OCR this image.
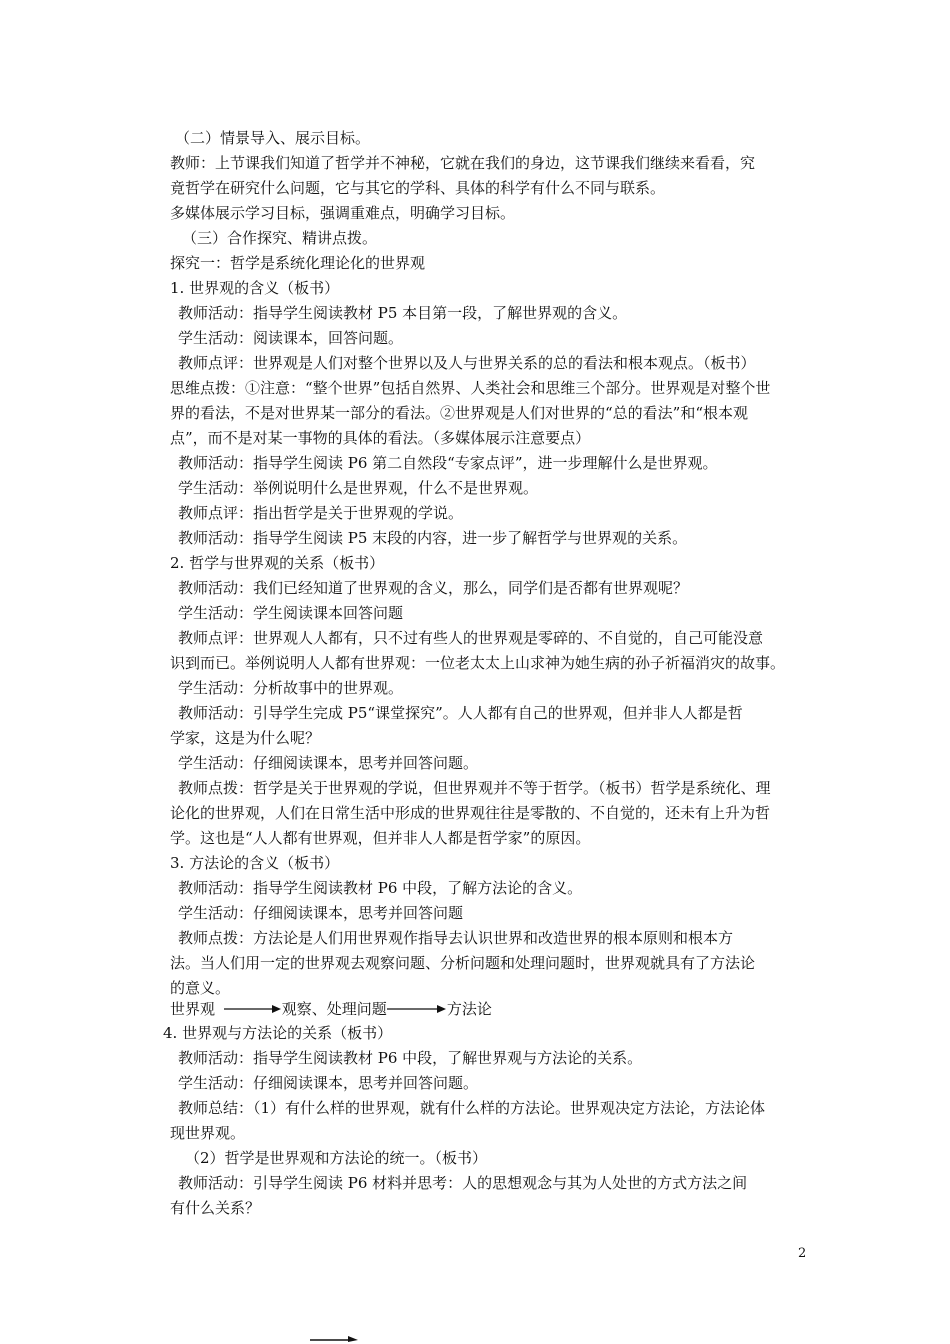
（二）情景导入、展示目标。

教师：上节课我们知道了哲学并不神秘，它就在我们的身边，这节课我们继续来看看，究

竟哲学在研究什么问题，它与其它的学科、具体的科学有什么不同与联系。

多媒体展示学习目标，强调重难点，明确学习目标。

（三）合作探究、精讲点拨。

探究一：哲学是系统化理论化的世界观

1. 世界观的含义（板书）

教师活动：指导学生阅读教材 P5 本目第一段，了解世界观的含义。

学生活动：阅读课本，回答问题。

教师点评：世界观是人们对整个世界以及人与世界关系的总的看法和根本观点。（板书）

思维点拨：①注意：“整个世界”包括自然界、人类社会和思维三个部分。世界观是对整个世

界的看法，不是对世界某一部分的看法。②世界观是人们对世界的“总的看法”和“根本观

点”，而不是对某一事物的具体的看法。（多媒体展示注意要点）

教师活动：指导学生阅读 P6 第二自然段“专家点评”，进一步理解什么是世界观。

学生活动：举例说明什么是世界观，什么不是世界观。

教师点评：指出哲学是关于世界观的学说。

教师活动：指导学生阅读 P5 末段的内容，进一步了解哲学与世界观的关系。

2. 哲学与世界观的关系（板书）

教师活动：我们已经知道了世界观的含义，那么，同学们是否都有世界观呢？

学生活动：学生阅读课本回答问题

教师点评：世界观人人都有，只不过有些人的世界观是零碎的、不自觉的，自己可能没意

识到而已。举例说明人人都有世界观：一位老太太上山求神为她生病的孙子祈福消灾的故事。

学生活动：分析故事中的世界观。

教师活动：引导学生完成 P5“课堂探究”。人人都有自己的世界观，但并非人人都是哲

学家，这是为什么呢？

学生活动：仔细阅读课本，思考并回答问题。

教师点拨：哲学是关于世界观的学说，但世界观并不等于哲学。（板书）哲学是系统化、理

论化的世界观，人们在日常生活中形成的世界观往往是零散的、不自觉的，还未有上升为哲

学。这也是“人人都有世界观，但并非人人都是哲学家”的原因。

3. 方法论的含义（板书）

教师活动：指导学生阅读教材 P6 中段，了解方法论的含义。

学生活动：仔细阅读课本，思考并回答问题

教师点拨：方法论是人们用世界观作指导去认识世界和改造世界的根本原则和根本方

法。当人们用一定的世界观去观察问题、分析问题和处理问题时，世界观就具有了方法论

的意义。

世界观	观察、处理问题	方法论

4. 世界观与方法论的关系（板书）

教师活动：指导学生阅读教材 P6 中段，了解世界观与方法论的关系。

学生活动：仔细阅读课本，思考并回答问题。

教师总结：（1）有什么样的世界观，就有什么样的方法论。世界观决定方法论，方法论体

现世界观。

（2）哲学是世界观和方法论的统一。（板书）

教师活动：引导学生阅读 P6 材料并思考：人的思想观念与其为人处世的方式方法之间

有什么关系？

2
